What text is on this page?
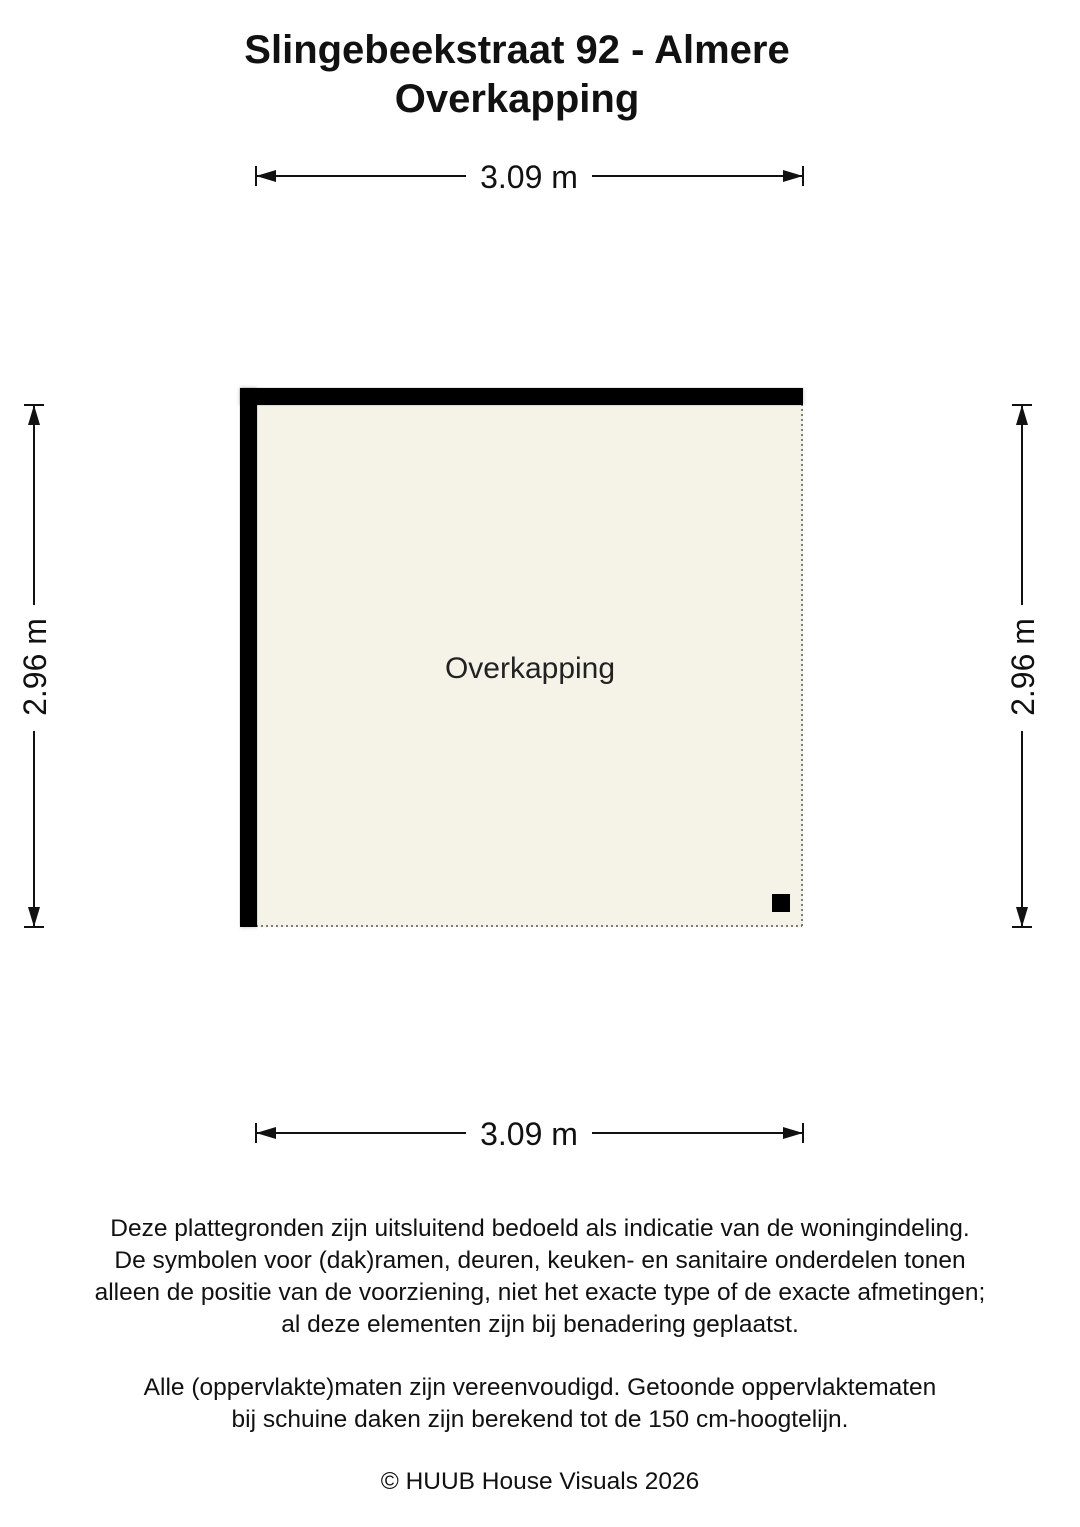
Slingebeekstraat 92 - Almere
Overkapping
3.09 m
3.09 m
2.96 m	2.96 m
Overkapping
Deze plattegronden zijn uitsluitend bedoeld als indicatie van de woningindeling.
De symbolen voor (dak)ramen, deuren, keuken- en sanitaire onderdelen tonen
alleen de positie van de voorziening, niet het exacte type of de exacte afmetingen;
al deze elementen zijn bij benadering geplaatst.
Alle (oppervlakte)maten zijn vereenvoudigd. Getoonde oppervlaktematen
bij schuine daken zijn berekend tot de 150 cm-hoogtelijn.
© HUUB House Visuals 2026
